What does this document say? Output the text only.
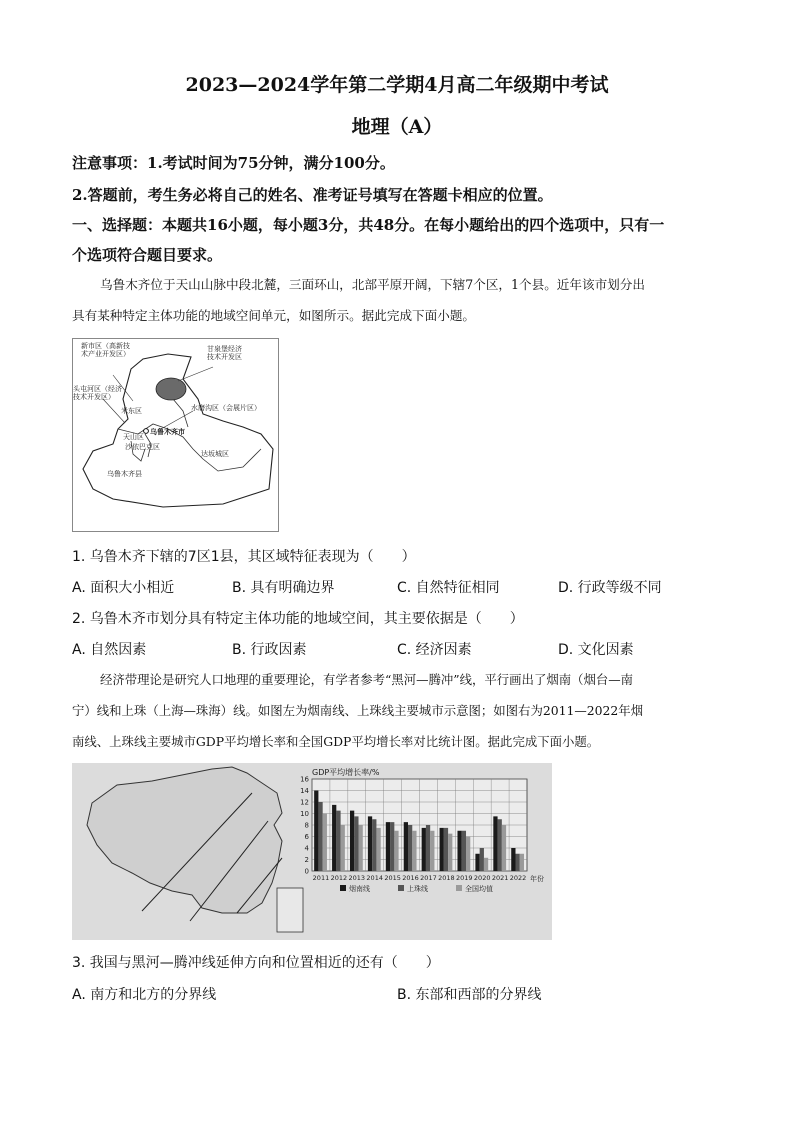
2023—2024学年第二学期4月高二年级期中考试
地理（A）
注意事项：1.考试时间为75分钟，满分100分。
2.答题前，考生务必将自己的姓名、准考证号填写在答题卡相应的位置。
一、选择题：本题共16小题，每小题3分，共48分。在每小题给出的四个选项中，只有一
个选项符合题目要求。
乌鲁木齐位于天山山脉中段北麓，三面环山，北部平原开阔，下辖7个区，1个县。近年该市划分出
具有某种特定主体功能的地域空间单元，如图所示。据此完成下面小题。
新市区（高新技
术产业开发区）
甘泉堡经济
技术开发区
头屯河区（经济
技术开发区）
米东区	水磨沟区（会展片区）
乌鲁木齐市
天山区
沙依巴克区
达坂城区
乌鲁木齐县
1. 乌鲁木齐下辖的7区1县，其区域特征表现为（　　）
A. 面积大小相近	B. 具有明确边界	C. 自然特征相同	D. 行政等级不同
2. 乌鲁木齐市划分具有特定主体功能的地域空间，其主要依据是（　　）
A. 自然因素	B. 行政因素	C. 经济因素	D. 文化因素
经济带理论是研究人口地理的重要理论，有学者参考“黑河—腾冲”线，平行画出了烟南（烟台—南
宁）线和上珠（上海—珠海）线。如图左为烟南线、上珠线主要城市示意图；如图右为2011—2022年烟
南线、上珠线主要城市GDP平均增长率和全国GDP平均增长率对比统计图。据此完成下面小题。
GDP平均增长率/%
0
2
4
6
8
10
12
14
16
2011 2012 2013 2014 2015 2016 2017 2018 2019 2020 2021 2022 年份
烟南线	上珠线	全国均值
3. 我国与黑河—腾冲线延伸方向和位置相近的还有（　　）
A. 南方和北方的分界线	B. 东部和西部的分界线
